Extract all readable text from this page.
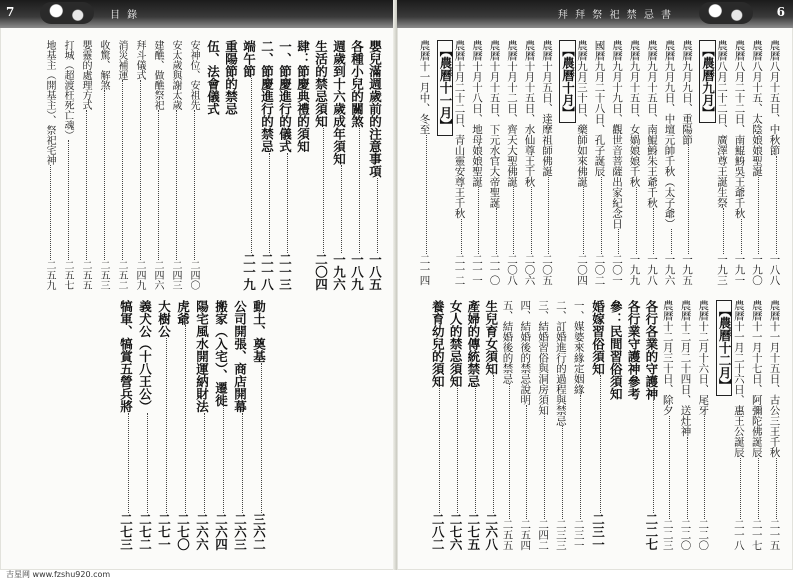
7	目 錄
嬰兒滿週歲前的注意事項
一八五
各種小兒的關煞
一八九
週歲到十六歲成年須知
一九六
生活的禁忌須知
二〇四
肆：節慶典禮的須知
一、節慶進行的儀式
二一三
二、節慶進行的禁忌
二一八
端午節
二一九
重陽節的禁忌
伍、法會儀式
安神位、安祖先
二四〇
安太歲與謝太歲
二四三
建醮、做醮祭祀
二四六
拜斗儀式
二四九
消災補運
二五二
收驚、解煞
二五三
嬰靈的處理方式
二五五
打城（超渡枉死亡魂）
二五七
地基主（開基主）、祭祀宅神
二五九
動土、奠基
三六二
公司開張、商店開幕
二六三
搬家（入宅）、遷徙
二六四
陽宅風水開運納財法
二六六
虎爺
二七〇
大樹公
二七一
義犬公（十八王公）
二七二
犒軍、犒賞五營兵將
二七三
拜 拜 祭 祀 禁 忌 書	6
農曆八月十五日、中秋節
一八八
農曆八月十五、太陰娘娘聖誕
一九〇
農曆八月二十二日、南鯤鯓吳王爺千秋
一九一
農曆八月二十二日、廣澤尊王誕生祭
一九三
【農曆九月】
農曆九月九日、重陽節
一九五
農曆九月九日、中壇元帥千秋（太子爺）
一九六
農曆九月十五日、南鯤鯓朱王爺千秋
一九八
農曆九月十五日、女媧娘娘千秋
一九九
農曆九月十九日、觀世音菩薩出家紀念日
二〇一
國曆九月二十八日、孔子誕辰
二〇二
農曆九月三十日、藥師如來佛誕
二〇四
【農曆十月】
農曆十月五日、達摩祖師佛誕
二〇五
農曆十月十五日、水仙尊王千秋
二〇六
農曆十月十二日、齊天大聖佛誕
二〇八
農曆十月十五日、下元水官大帝聖誕
二一〇
農曆十月十八日、地母娘娘聖誕
二一一
農曆十月二十二日、青山靈安尊王千秋
二一二
【農曆十一月】
農曆十一月中、冬至
二一四
農曆十一月十五日、古公三王千秋
二一五
農曆十一月十七日、阿彌陀佛誕辰
二一七
農曆十一月二十六日、惠王公誕辰
二一八
【農曆十二月】
農曆十二月十六日、尾牙
二二〇
農曆十二月二十四日、送灶神
二二〇
農曆十二月三十日、除夕
二二三
各行各業的守護神
二二七
各行業守護神參考
參：民間習俗須知
婚嫁習俗須知
二三一
一、媒婆來緣定姻緣
二三一
二、訂婚進行的過程與禁忌
二三三
三、結婚習俗與洞房須知
二四二
四、結婚後的禁忌說明
二五四
五、結婚後的禁忌
二五五
生兒育女須知
二六八
產婦的傳統禁忌
二七五
女人的禁忌須知
二七六
養育幼兒的須知
二八二
吉星网 www.fzshu920.com
